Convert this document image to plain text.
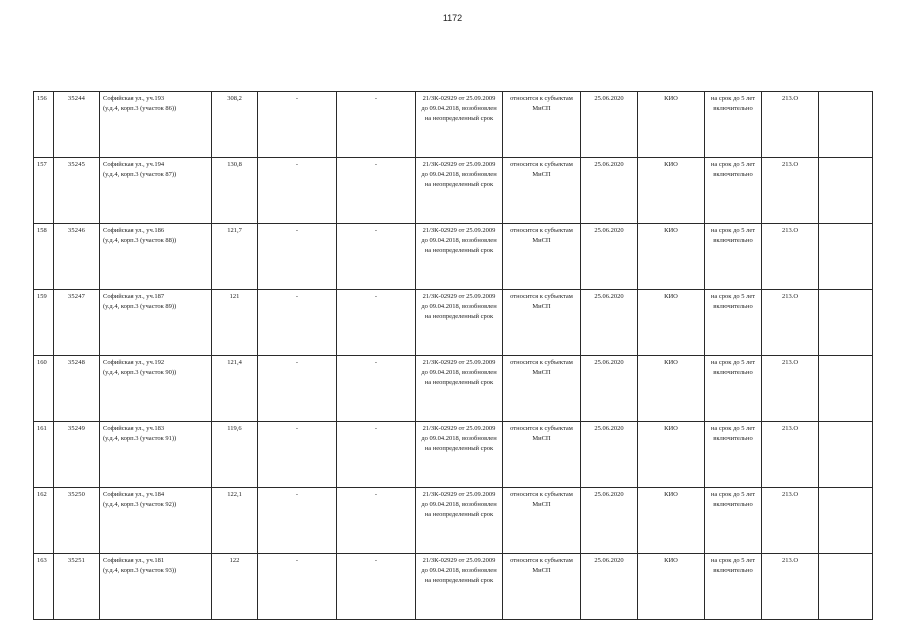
1172
156	35244	Софийская ул., уч.193
(у.д.4, корп.3 (участок 86))	308,2	-	-	21/ЗК-02929 от 25.09.2009
до 09.04.2018, возобновлен
на неопределенный срок	относится к субъектам
МиСП	25.06.2020	КИО	на срок до 5 лет
включительно	213.О	
157	35245	Софийская ул., уч.194
(у.д.4, корп.3 (участок 87))	130,8	-	-	21/ЗК-02929 от 25.09.2009
до 09.04.2018, возобновлен
на неопределенный срок	относится к субъектам
МиСП	25.06.2020	КИО	на срок до 5 лет
включительно	213.О	
158	35246	Софийская ул., уч.186
(у.д.4, корп.3 (участок 88))	121,7	-	-	21/ЗК-02929 от 25.09.2009
до 09.04.2018, возобновлен
на неопределенный срок	относится к субъектам
МиСП	25.06.2020	КИО	на срок до 5 лет
включительно	213.О	
159	35247	Софийская ул., уч.187
(у.д.4, корп.3 (участок 89))	121	-	-	21/ЗК-02929 от 25.09.2009
до 09.04.2018, возобновлен
на неопределенный срок	относится к субъектам
МиСП	25.06.2020	КИО	на срок до 5 лет
включительно	213.О	
160	35248	Софийская ул., уч.192
(у.д.4, корп.3 (участок 90))	121,4	-	-	21/ЗК-02929 от 25.09.2009
до 09.04.2018, возобновлен
на неопределенный срок	относится к субъектам
МиСП	25.06.2020	КИО	на срок до 5 лет
включительно	213.О	
161	35249	Софийская ул., уч.183
(у.д.4, корп.3 (участок 91))	119,6	-	-	21/ЗК-02929 от 25.09.2009
до 09.04.2018, возобновлен
на неопределенный срок	относится к субъектам
МиСП	25.06.2020	КИО	на срок до 5 лет
включительно	213.О	
162	35250	Софийская ул., уч.184
(у.д.4, корп.3 (участок 92))	122,1	-	-	21/ЗК-02929 от 25.09.2009
до 09.04.2018, возобновлен
на неопределенный срок	относится к субъектам
МиСП	25.06.2020	КИО	на срок до 5 лет
включительно	213.О	
163	35251	Софийская ул., уч.181
(у.д.4, корп.3 (участок 93))	122	-	-	21/ЗК-02929 от 25.09.2009
до 09.04.2018, возобновлен
на неопределенный срок	относится к субъектам
МиСП	25.06.2020	КИО	на срок до 5 лет
включительно	213.О	
